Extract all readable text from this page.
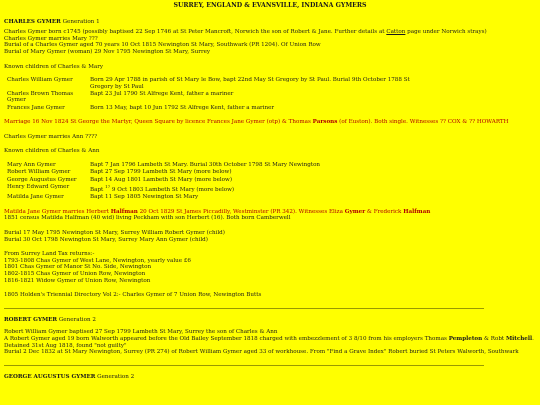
SURREY, ENGLAND & EVANSVILLE, INDIANA GYMERS

CHARLES GYMER Generation 1

Charles Gymer born c1745 (possibly baptised 22 Sep 1746 at St Peter Mancroft, Norwich the son of Robert & Jane. Further details at Catton page under Norwich strays)

Charles Gymer marries Mary ???

Burial of a Charles Gymer aged 70 years 10 Oct 1815 Newington St Mary, Southwark (PR 1204). Of Union Row

Burial of Mary Gymer (woman) 29 Nov 1795 Newington St Mary, Surrey

Known children of Charles & Mary

Charles William Gymer	Born 29 Apr 1788 in parish of St Mary le Bow, bapt 22nd May St Gregory by St Paul. Burial 9th October 1788 St Gregory by St Paul
Charles Brown Thomas Gymer	Bapt 23 Jul 1790 St Alfrege Kent, father a mariner
Frances Jane Gymer	Born 13 May, bapt 10 Jun 1792 St Alfrege Kent, father a mariner

Marriage 16 Nov 1824 St George the Martyr, Queen Square by licence Frances Jane Gymer (otp) & Thomas Parsons (of Euston). Both single. Witnesses ?? COX & ?? HOWARTH

Charles Gymer marries Ann ????

Known children of Charles & Ann

Mary Ann Gymer	Bapt 7 Jan 1796 Lambeth St Mary. Burial 30th October 1798 St Mary Newington
Robert William Gymer	Bapt 27 Sep 1799 Lambeth St Mary (more below)
George Augustus Gymer	Bapt 14 Aug 1801 Lambeth St Mary (more below)
Henry Edward Gymer	Bapt $^{17}$ 9 Oct 1803 Lambeth St Mary (more below)
Matilda Jane Gymer	Bapt 11 Sep 1805 Newington St Mary

Matilda Jane Gymer marries Herbert Halfman 20 Oct 1829 St James Piccadilly, Westminster (PR 342). Witnesses Eliza Gymer & Frederick Halfman

1851 census Matilda Halfman (40 wid) living Peckham with son Herbert (16). Both born Camberwell

Burial 17 May 1795 Newington St Mary, Surrey William Robert Gymer (child)

Burial 30 Oct 1798 Newington St Mary, Surrey Mary Ann Gymer (child)

From Surrey Land Tax returns:-

1793-1808 Chas Gymer of West Lane, Newington, yearly value £6

1801 Chas Gymer of Manor St No. Side, Newington

1802-1815 Chas Gymer of Union Row, Newington

1816-1821 Widow Gymer of Union Row, Newington

1805 Holden's Triennial Directory Vol 2:- Charles Gymer of 7 Union Row, Newington Butts

ROBERT GYMER Generation 2

Robert William Gymer baptised 27 Sep 1799 Lambeth St Mary, Surrey the son of Charles & Ann

A Robert Gymer aged 19 born Walworth appeared before the Old Bailey September 1818 charged with embezzlement of 3 8/10 from his employers Thomas Pempleton & Robt Mitchell. Detained 31st Aug 1818, found "not guilty"

Burial 2 Dec 1832 at St Mary Newington, Surrey (PR 274) of Robert William Gymer aged 33 of workhouse. From "Find a Grave Index" Robert buried St Peters Walworth, Southwark

GEORGE AUGUSTUS GYMER Generation 2
